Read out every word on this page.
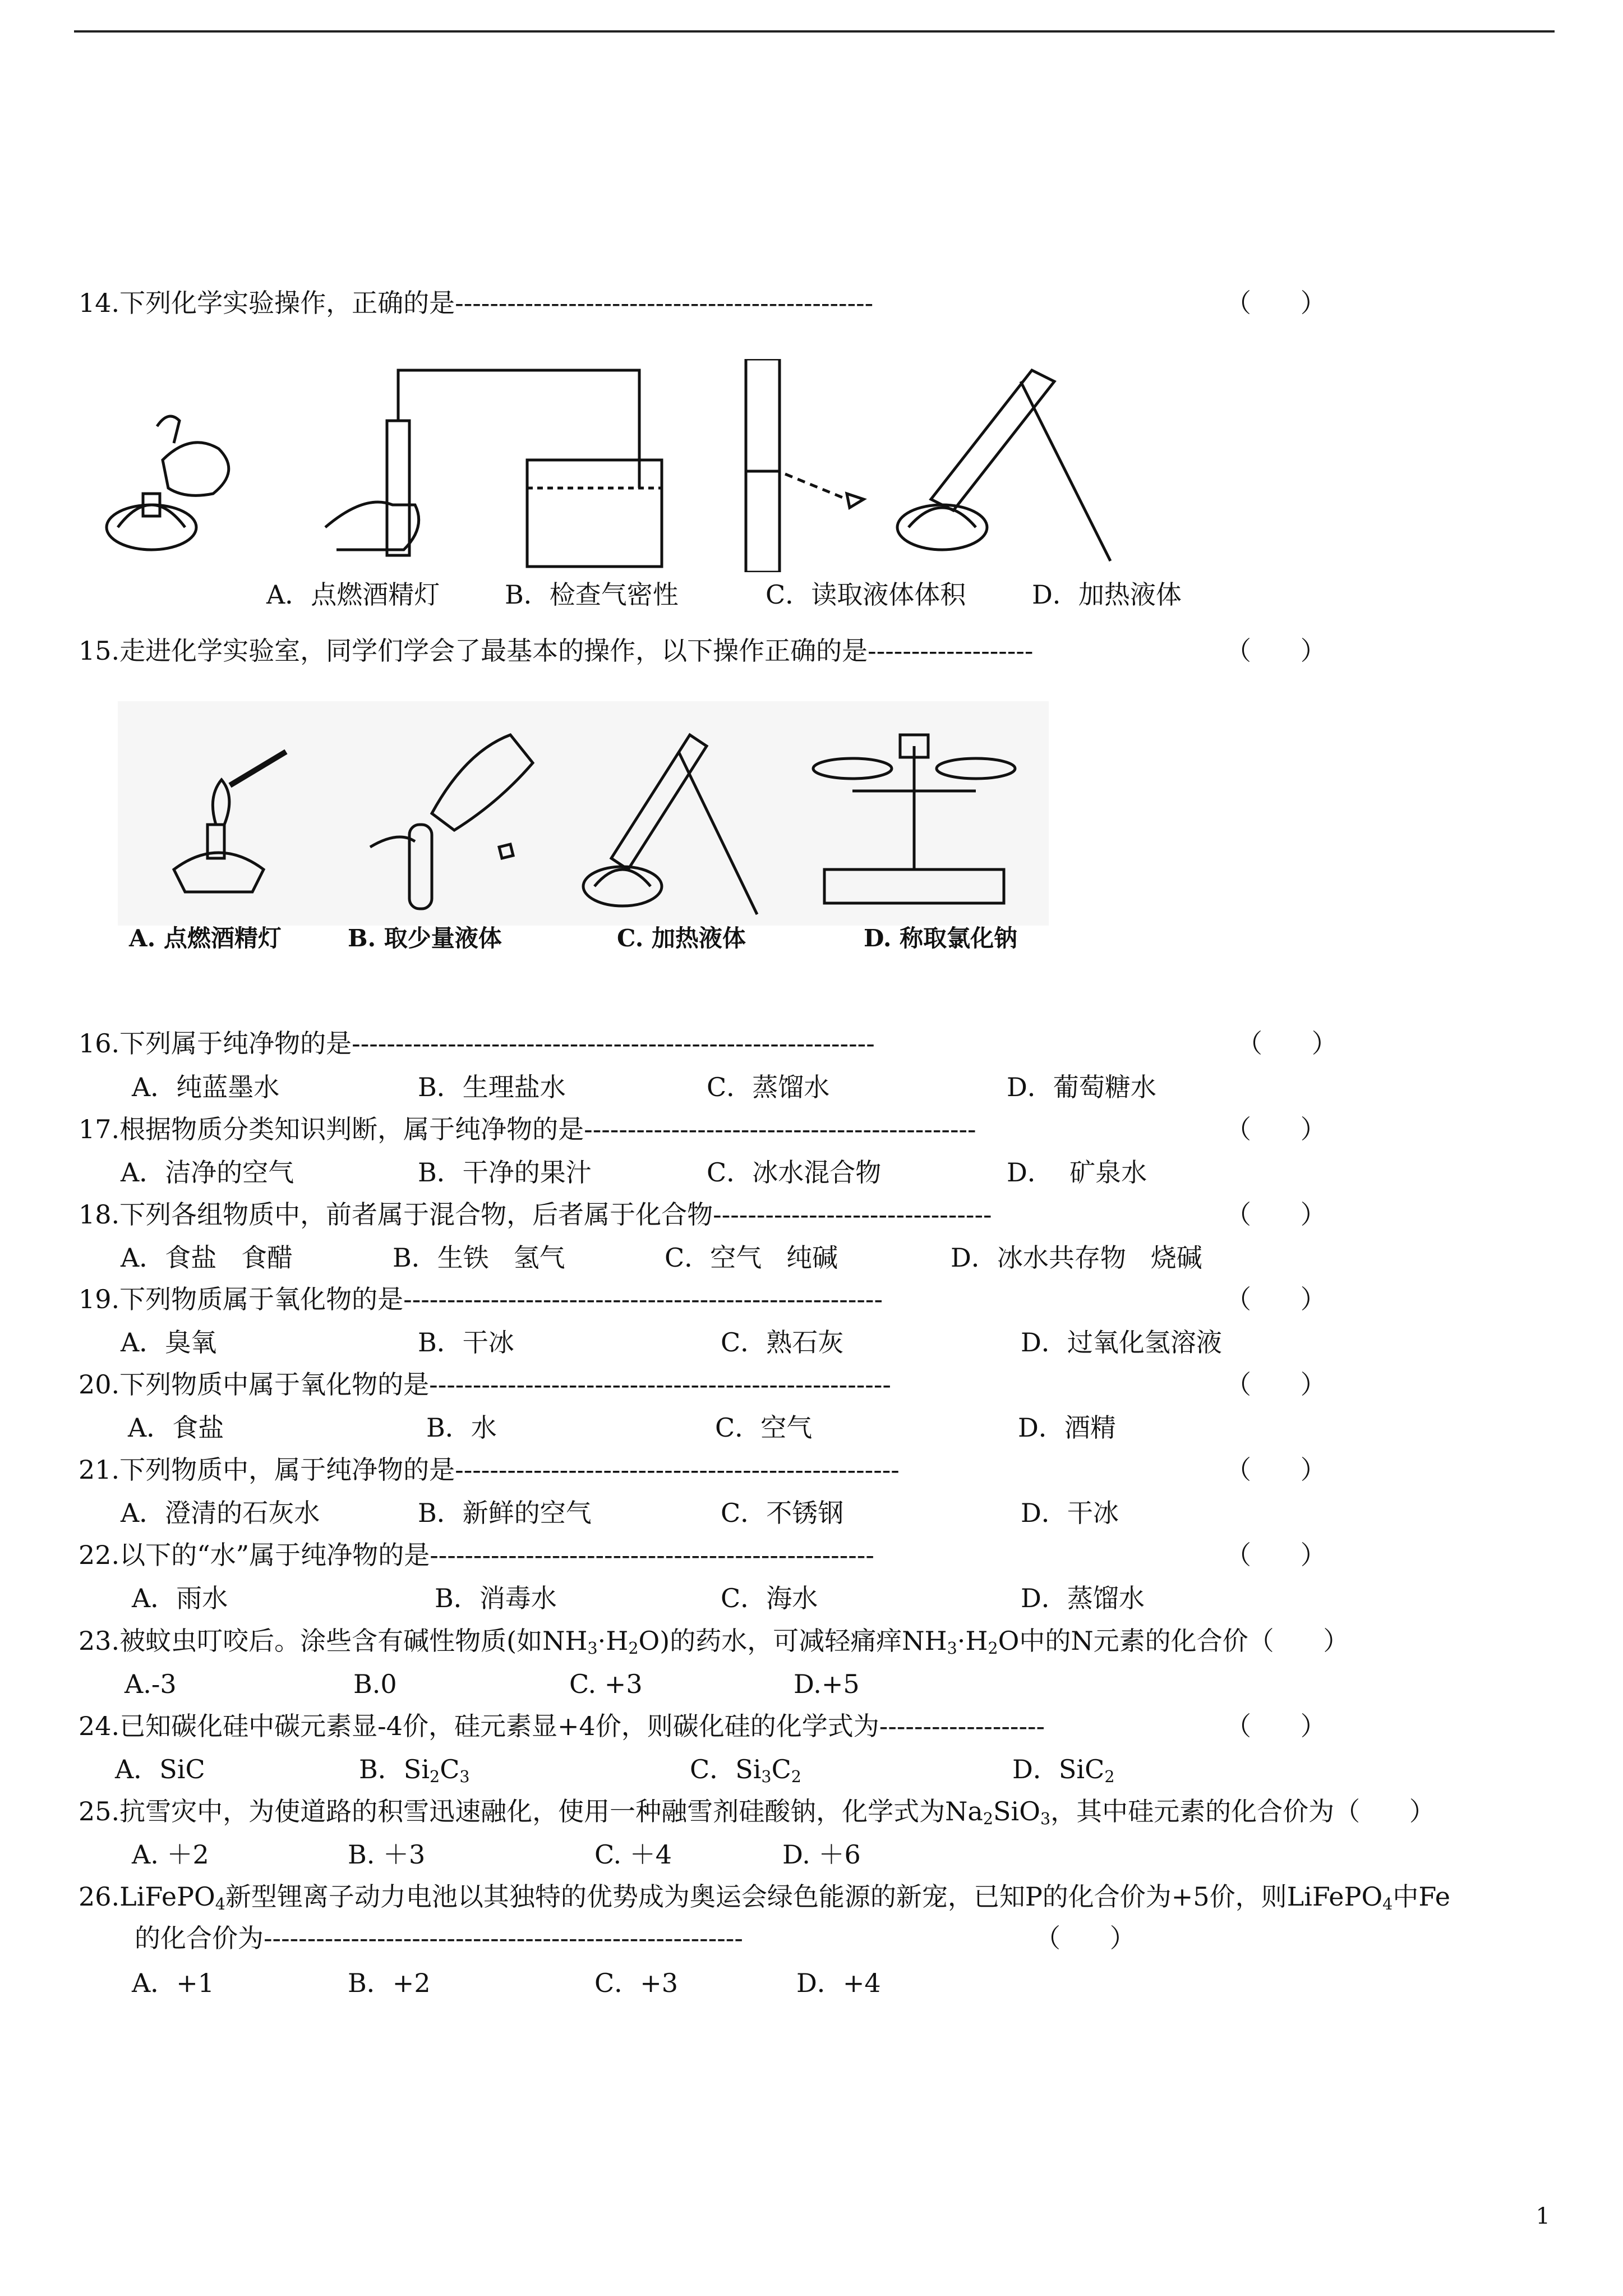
14.下列化学实验操作，正确的是------------------------------------------------	（      ）
A．点燃酒精灯	B．检查气密性	C．读取液体体积	D．加热液体
15.走进化学实验室，同学们学会了最基本的操作，以下操作正确的是-------------------	（      ）
A. 点燃酒精灯	B. 取少量液体	C. 加热液体	D. 称取氯化钠
16.下列属于纯净物的是------------------------------------------------------------	（      ）
A．纯蓝墨水	B．生理盐水	C．蒸馏水	D．葡萄糖水
17.根据物质分类知识判断，属于纯净物的是---------------------------------------------	（      ）
A．洁净的空气	B．干净的果汁	C．冰水混合物	D．  矿泉水
18.下列各组物质中，前者属于混合物，后者属于化合物--------------------------------	（      ）
A．食盐   食醋	B．生铁   氢气	C．空气   纯碱	D．冰水共存物   烧碱
19.下列物质属于氧化物的是-------------------------------------------------------	（      ）
A．臭氧	B．干冰	C．熟石灰	D．过氧化氢溶液
20.下列物质中属于氧化物的是-----------------------------------------------------	（      ）
A．食盐	B．水	C．空气	D．酒精
21.下列物质中，属于纯净物的是---------------------------------------------------	（      ）
A．澄清的石灰水	B．新鲜的空气	C．不锈钢	D．干冰
22.以下的“水”属于纯净物的是---------------------------------------------------	（      ）
A．雨水	B．消毒水	C．海水	D．蒸馏水
23.被蚊虫叮咬后。涂些含有碱性物质(如$NH_3\cdot H_2O$)的药水，可减轻痛痒$NH_3\cdot H_2O$中的N元素的化合价（      ）
A.-3	B.0	C. +3	D.+5
24.已知碳化硅中碳元素显-4价，硅元素显+4价，则碳化硅的化学式为-------------------	（      ）
A．SiC	B．$Si_2C_3$	C．$Si_3C_2$	D．SiC$_2$
25.抗雪灾中，为使道路的积雪迅速融化，使用一种融雪剂硅酸钠，化学式为$Na_2SiO_3$，其中硅元素的化合价为（      ）
A. ＋2	B. ＋3	C. ＋4	D. ＋6
26.LiFePO$_4$新型锂离子动力电池以其独特的优势成为奥运会绿色能源的新宠，已知P的化合价为+5价，则LiFePO$_4$中Fe
的化合价为-------------------------------------------------------	（      ）
A．+1	B．+2	C．+3	D．+4
1
